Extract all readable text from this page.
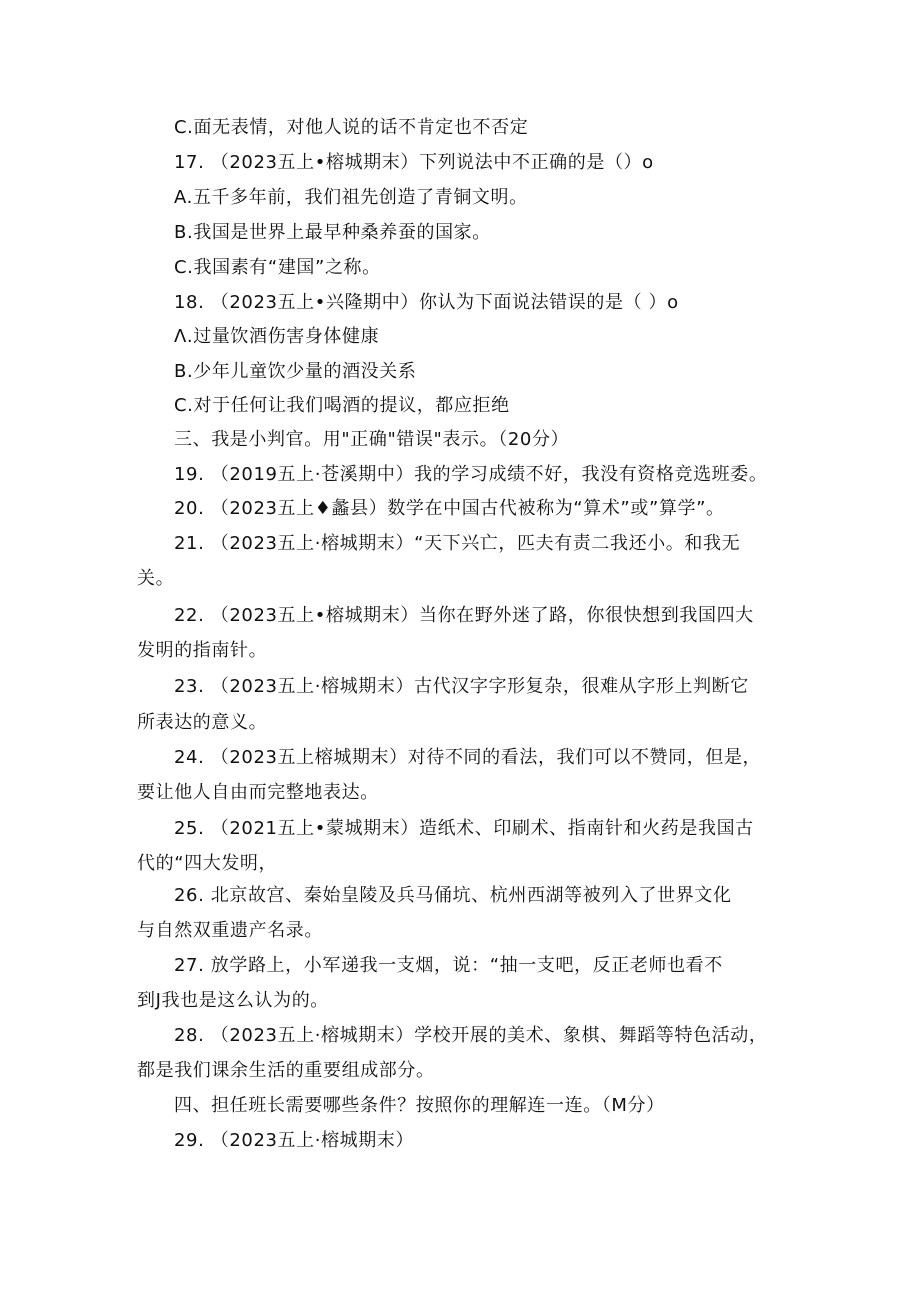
C.面无表情，对他人说的话不肯定也不否定
17. （2023五上•榕城期末）下列说法中不正确的是（）o
A.五千多年前，我们祖先创造了青铜文明。
B.我国是世界上最早种桑养蚕的国家。
C.我国素有“建国”之称。
18. （2023五上•兴隆期中）你认为下面说法错误的是（ ）o
Λ.过量饮酒伤害身体健康
B.少年儿童饮少量的酒没关系
C.对于任何让我们喝酒的提议，都应拒绝
三、我是小判官。用"正确"错误"表示。（20分）
19. （2019五上·苍溪期中）我的学习成绩不好，我没有资格竞选班委。
20. （2023五上♦蠡县）数学在中国古代被称为“算术”或”算学”。
21. （2023五上·榕城期末）“天下兴亡，匹夫有责二我还小。和我无
关。
22. （2023五上•榕城期末）当你在野外迷了路，你很快想到我国四大
发明的指南针。
23. （2023五上·榕城期末）古代汉字字形复杂，很难从字形上判断它
所表达的意义。
24. （2023五上榕城期末）对待不同的看法，我们可以不赞同，但是，
要让他人自由而完整地表达。
25. （2021五上•蒙城期末）造纸术、印刷术、指南针和火药是我国古
代的“四大发明，
26. 北京故宫、秦始皇陵及兵马俑坑、杭州西湖等被列入了世界文化
与自然双重遗产名录。
27. 放学路上，小军递我一支烟，说：“抽一支吧，反正老师也看不
到J我也是这么认为的。
28. （2023五上·榕城期末）学校开展的美术、象棋、舞蹈等特色活动，
都是我们课余生活的重要组成部分。
四、担任班长需要哪些条件？按照你的理解连一连。（M分）
29. （2023五上·榕城期末）
